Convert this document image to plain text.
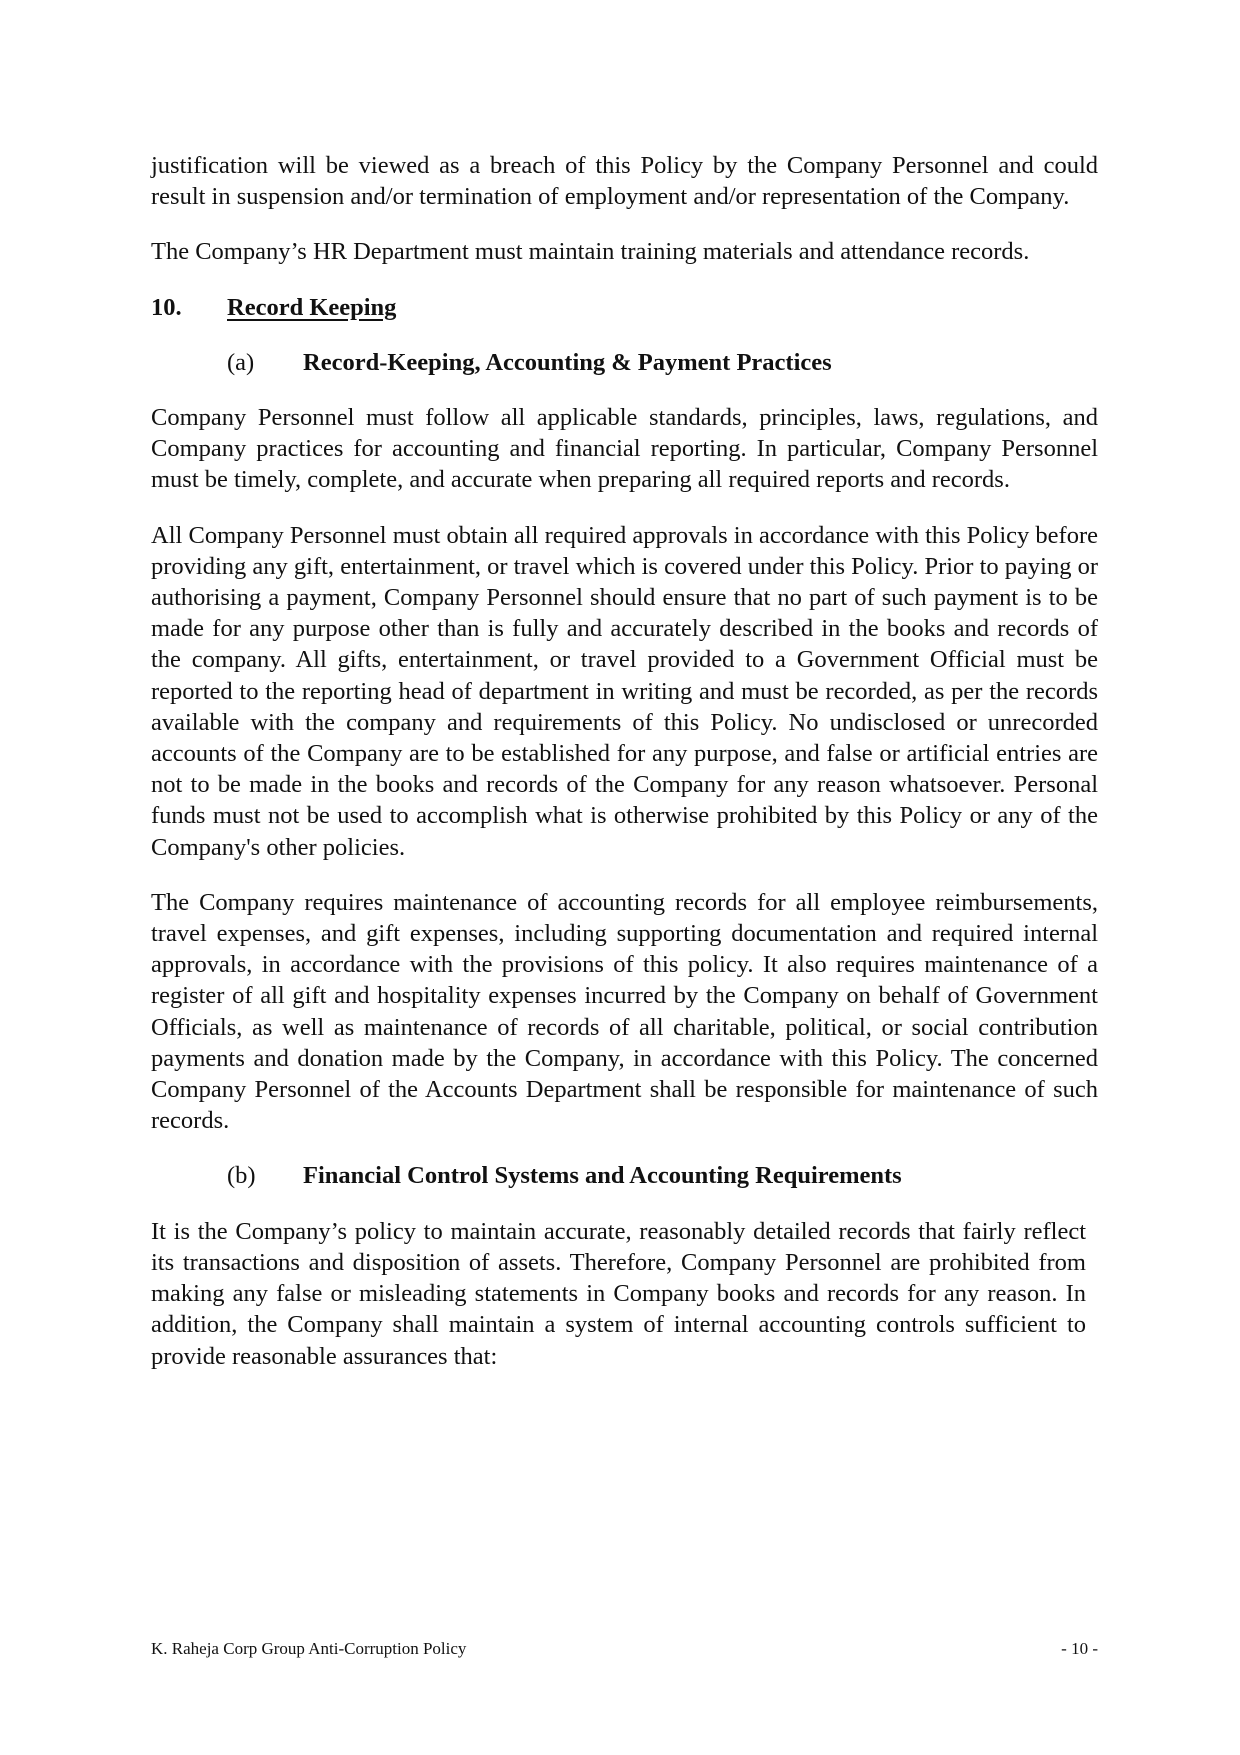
justification will be viewed as a breach of this Policy by the Company Personnel and could result in suspension and/or termination of employment and/or representation of the Company.

The Company’s HR Department must maintain training materials and attendance records.

10.	Record Keeping
(a)	Record-Keeping, Accounting & Payment Practices

Company Personnel must follow all applicable standards, principles, laws, regulations, and Company practices for accounting and financial reporting. In particular, Company Personnel must be timely, complete, and accurate when preparing all required reports and records.

All Company Personnel must obtain all required approvals in accordance with this Policy before providing any gift, entertainment, or travel which is covered under this Policy. Prior to paying or authorising a payment, Company Personnel should ensure that no part of such payment is to be made for any purpose other than is fully and accurately described in the books and records of the company. All gifts, entertainment, or travel provided to a Government Official must be reported to the reporting head of department in writing and must be recorded, as per the records available with the company and requirements of this Policy. No undisclosed or unrecorded accounts of the Company are to be established for any purpose, and false or artificial entries are not to be made in the books and records of the Company for any reason whatsoever. Personal funds must not be used to accomplish what is otherwise prohibited by this Policy or any of the Company's other policies.

The Company requires maintenance of accounting records for all employee reimbursements, travel expenses, and gift expenses, including supporting documentation and required internal approvals, in accordance with the provisions of this policy. It also requires maintenance of a register of all gift and hospitality expenses incurred by the Company on behalf of Government Officials, as well as maintenance of records of all charitable, political, or social contribution payments and donation made by the Company, in accordance with this Policy. The concerned Company Personnel of the Accounts Department shall be responsible for maintenance of such records.

(b)	Financial Control Systems and Accounting Requirements

It is the Company’s policy to maintain accurate, reasonably detailed records that fairly reflect its transactions and disposition of assets. Therefore, Company Personnel are prohibited from making any false or misleading statements in Company books and records for any reason. In addition, the Company shall maintain a system of internal accounting controls sufficient to provide reasonable assurances that:

K. Raheja Corp Group Anti-Corruption Policy	- 10 -
